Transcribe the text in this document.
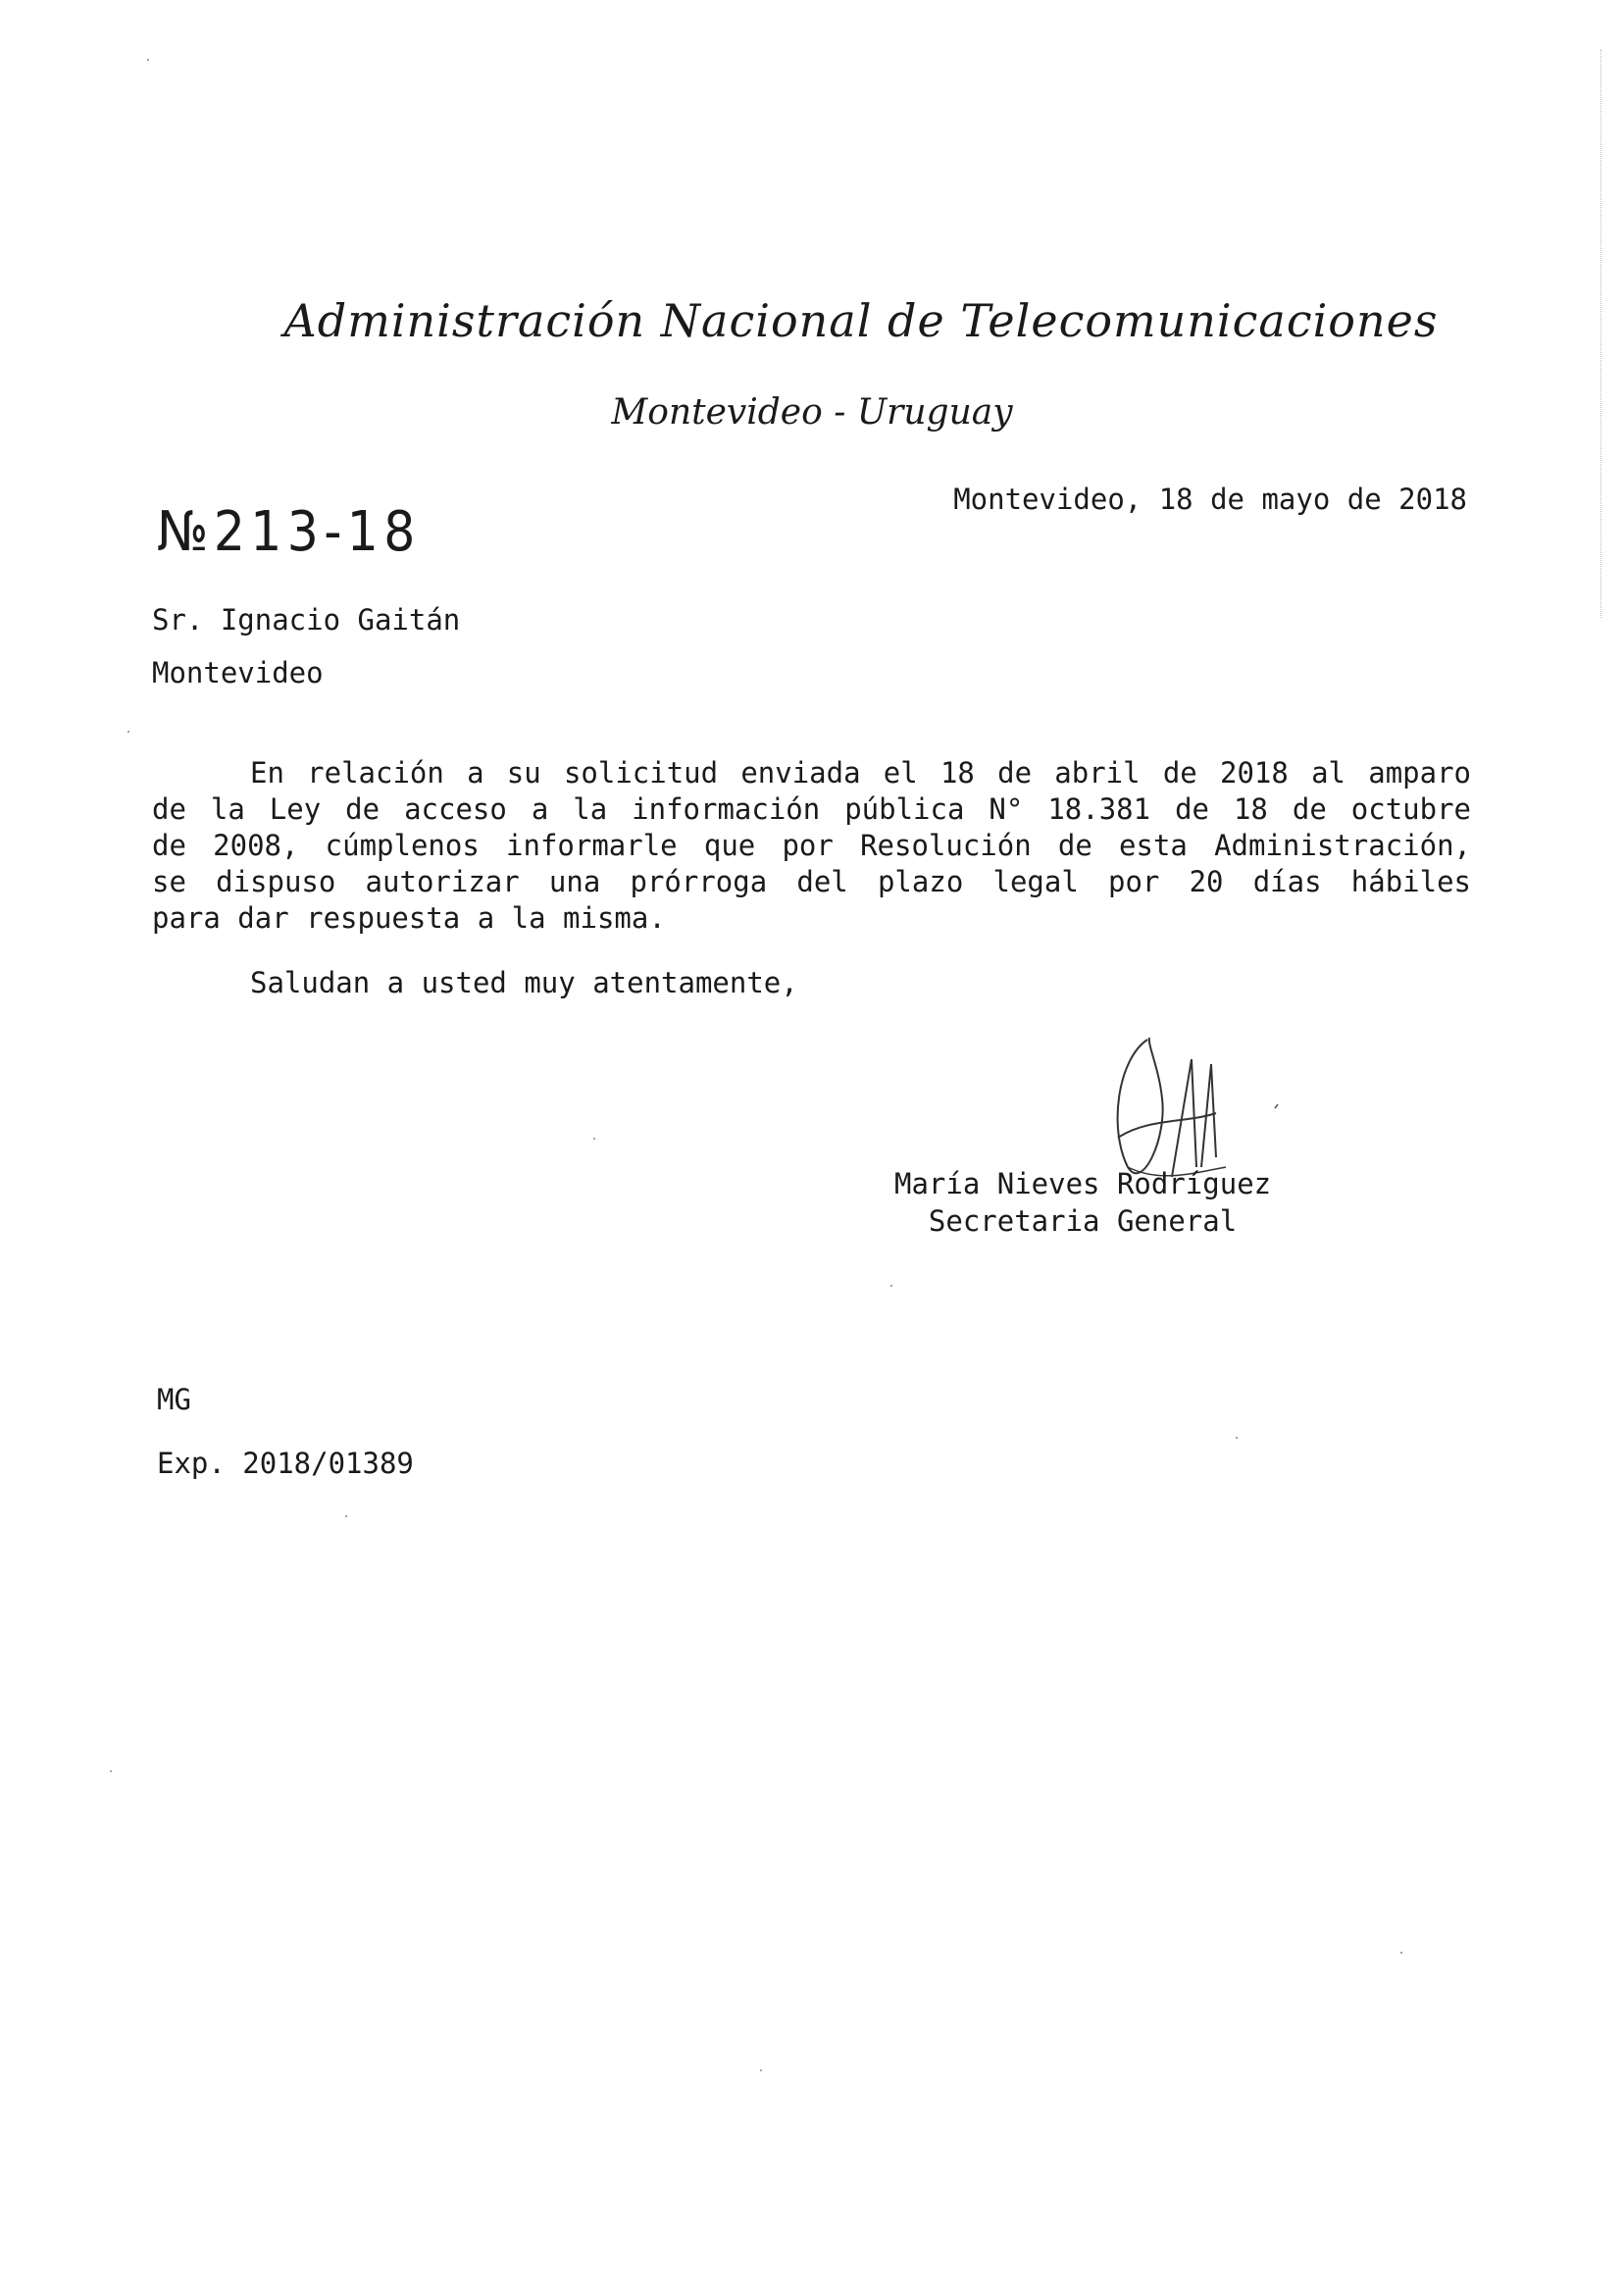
Administración Nacional de Telecomunicaciones
Montevideo - Uruguay
№213-18
Montevideo, 18 de mayo de 2018
Sr. Ignacio Gaitán
Montevideo
En relación a su solicitud enviada el 18 de abril de 2018 al amparo
de la Ley de acceso a la información pública N° 18.381 de 18 de octubre
de 2008, cúmplenos informarle que por Resolución de esta Administración,
se dispuso autorizar una prórroga del plazo legal por 20 días hábiles
para dar respuesta a la misma.
Saludan a usted muy atentamente,
María Nieves Rodríguez
Secretaria General
MG
Exp. 2018/01389
